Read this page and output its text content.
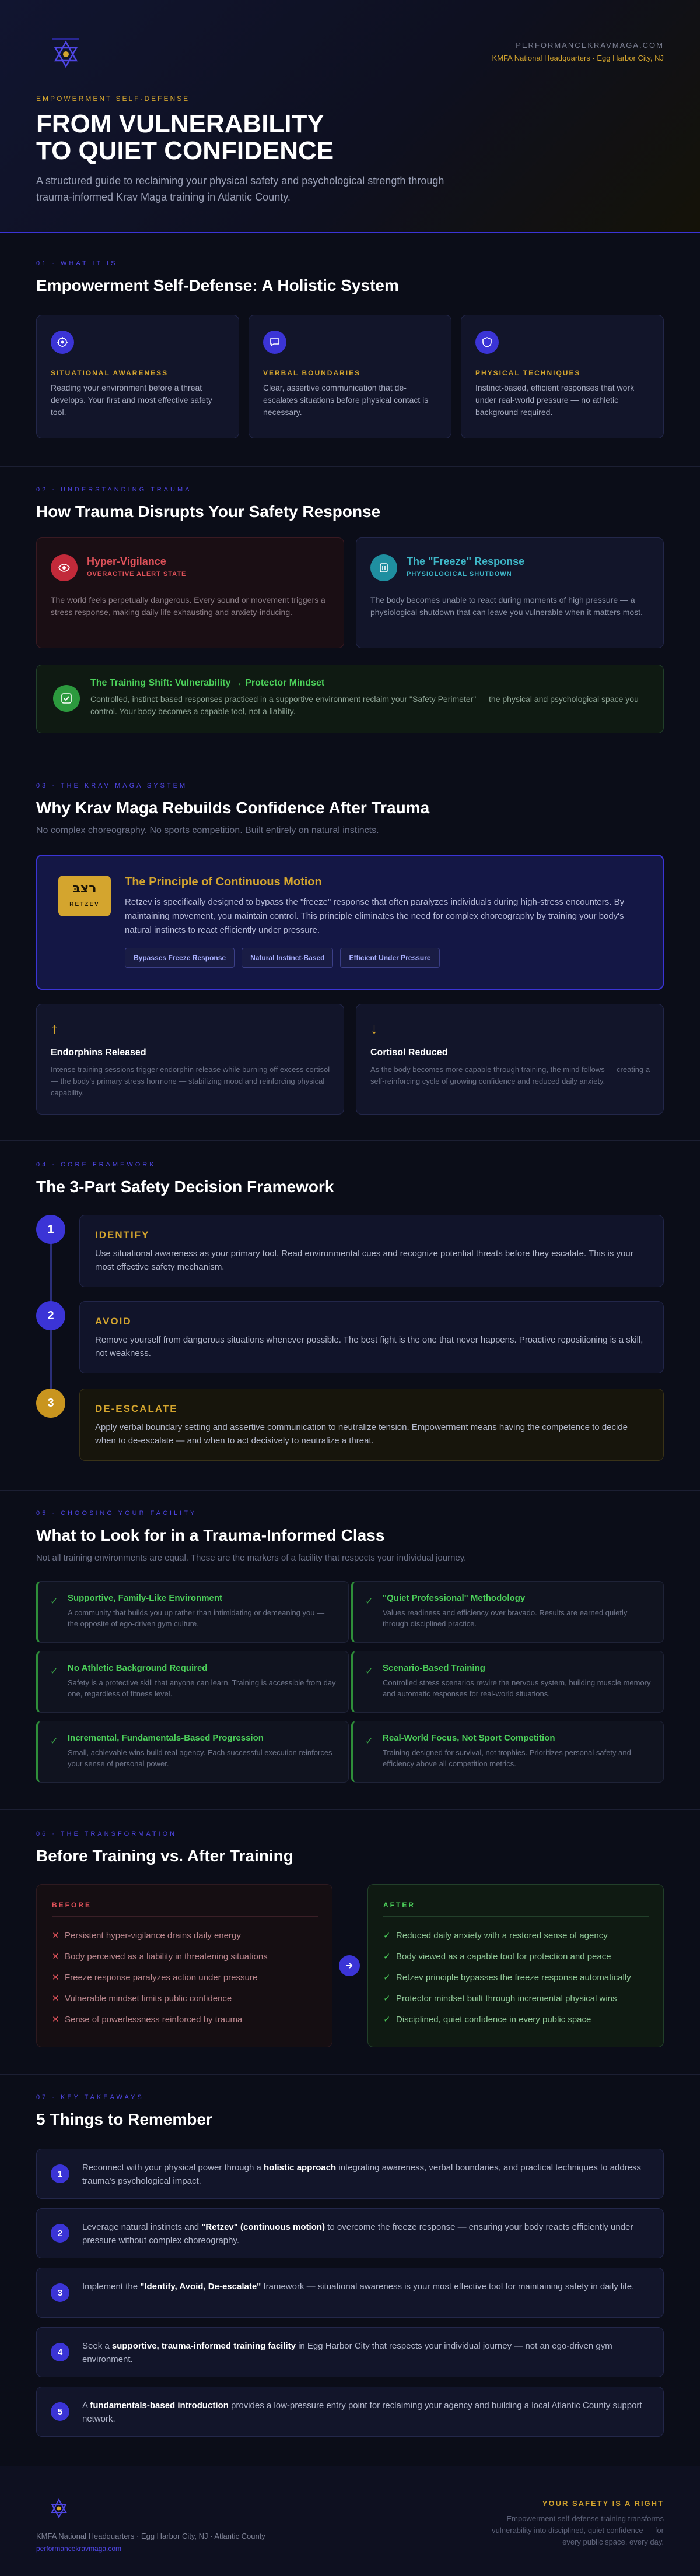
PERFORMANCEKRAVMAGA.COM
KMFA National Headquarters · Egg Harbor City, NJ
EMPOWERMENT SELF-DEFENSE
FROM VULNERABILITY
TO QUIET CONFIDENCE
A structured guide to reclaiming your physical safety and psychological strength through trauma-informed Krav Maga training in Atlantic County.
01 · WHAT IT IS
Empowerment Self-Defense: A Holistic System
SITUATIONAL AWARENESS
Reading your environment before a threat develops. Your first and most effective safety tool.
VERBAL BOUNDARIES
Clear, assertive communication that de-escalates situations before physical contact is necessary.
PHYSICAL TECHNIQUES
Instinct-based, efficient responses that work under real-world pressure — no athletic background required.
02 · UNDERSTANDING TRAUMA
How Trauma Disrupts Your Safety Response
Hyper-Vigilance
OVERACTIVE ALERT STATE
The world feels perpetually dangerous. Every sound or movement triggers a stress response, making daily life exhausting and anxiety-inducing.
The "Freeze" Response
PHYSIOLOGICAL SHUTDOWN
The body becomes unable to react during moments of high pressure — a physiological shutdown that can leave you vulnerable when it matters most.
The Training Shift: Vulnerability → Protector Mindset
Controlled, instinct-based responses practiced in a supportive environment reclaim your "Safety Perimeter" — the physical and psychological space you control. Your body becomes a capable tool, not a liability.
03 · THE KRAV MAGA SYSTEM
Why Krav Maga Rebuilds Confidence After Trauma
No complex choreography. No sports competition. Built entirely on natural instincts.
רצבּ
RETZEV
The Principle of Continuous Motion
Retzev is specifically designed to bypass the "freeze" response that often paralyzes individuals during high-stress encounters. By maintaining movement, you maintain control. This principle eliminates the need for complex choreography by training your body's natural instincts to react efficiently under pressure.
Bypasses Freeze Response	Natural Instinct-Based	Efficient Under Pressure
↑
Endorphins Released
Intense training sessions trigger endorphin release while burning off excess cortisol — the body's primary stress hormone — stabilizing mood and reinforcing physical capability.
↓
Cortisol Reduced
As the body becomes more capable through training, the mind follows — creating a self-reinforcing cycle of growing confidence and reduced daily anxiety.
04 · CORE FRAMEWORK
The 3-Part Safety Decision Framework
1	IDENTIFY
Use situational awareness as your primary tool. Read environmental cues and recognize potential threats before they escalate. This is your most effective safety mechanism.
2	AVOID
Remove yourself from dangerous situations whenever possible. The best fight is the one that never happens. Proactive repositioning is a skill, not weakness.
3	DE-ESCALATE
Apply verbal boundary setting and assertive communication to neutralize tension. Empowerment means having the competence to decide when to de-escalate — and when to act decisively to neutralize a threat.
05 · CHOOSING YOUR FACILITY
What to Look for in a Trauma-Informed Class
Not all training environments are equal. These are the markers of a facility that respects your individual journey.
✓ Supportive, Family-Like Environment
A community that builds you up rather than intimidating or demeaning you — the opposite of ego-driven gym culture.
✓ "Quiet Professional" Methodology
Values readiness and efficiency over bravado. Results are earned quietly through disciplined practice.
✓ No Athletic Background Required
Safety is a protective skill that anyone can learn. Training is accessible from day one, regardless of fitness level.
✓ Scenario-Based Training
Controlled stress scenarios rewire the nervous system, building muscle memory and automatic responses for real-world situations.
✓ Incremental, Fundamentals-Based Progression
Small, achievable wins build real agency. Each successful execution reinforces your sense of personal power.
✓ Real-World Focus, Not Sport Competition
Training designed for survival, not trophies. Prioritizes personal safety and efficiency above all competition metrics.
06 · THE TRANSFORMATION
Before Training vs. After Training
BEFORE
✕ Persistent hyper-vigilance drains daily energy
✕ Body perceived as a liability in threatening situations
✕ Freeze response paralyzes action under pressure
✕ Vulnerable mindset limits public confidence
✕ Sense of powerlessness reinforced by trauma
AFTER
✓ Reduced daily anxiety with a restored sense of agency
✓ Body viewed as a capable tool for protection and peace
✓ Retzev principle bypasses the freeze response automatically
✓ Protector mindset built through incremental physical wins
✓ Disciplined, quiet confidence in every public space
07 · KEY TAKEAWAYS
5 Things to Remember
1
Reconnect with your physical power through a holistic approach integrating awareness, verbal boundaries, and practical techniques to address trauma's psychological impact.
2
Leverage natural instincts and "Retzev" (continuous motion) to overcome the freeze response — ensuring your body reacts efficiently under pressure without complex choreography.
3
Implement the "Identify, Avoid, De-escalate" framework — situational awareness is your most effective tool for maintaining safety in daily life.
4
Seek a supportive, trauma-informed training facility in Egg Harbor City that respects your individual journey — not an ego-driven gym environment.
5
A fundamentals-based introduction provides a low-pressure entry point for reclaiming your agency and building a local Atlantic County support network.
KMFA National Headquarters · Egg Harbor City, NJ · Atlantic County
performancekravmaga.com
YOUR SAFETY IS A RIGHT
Empowerment self-defense training transforms vulnerability into disciplined, quiet confidence — for every public space, every day.
